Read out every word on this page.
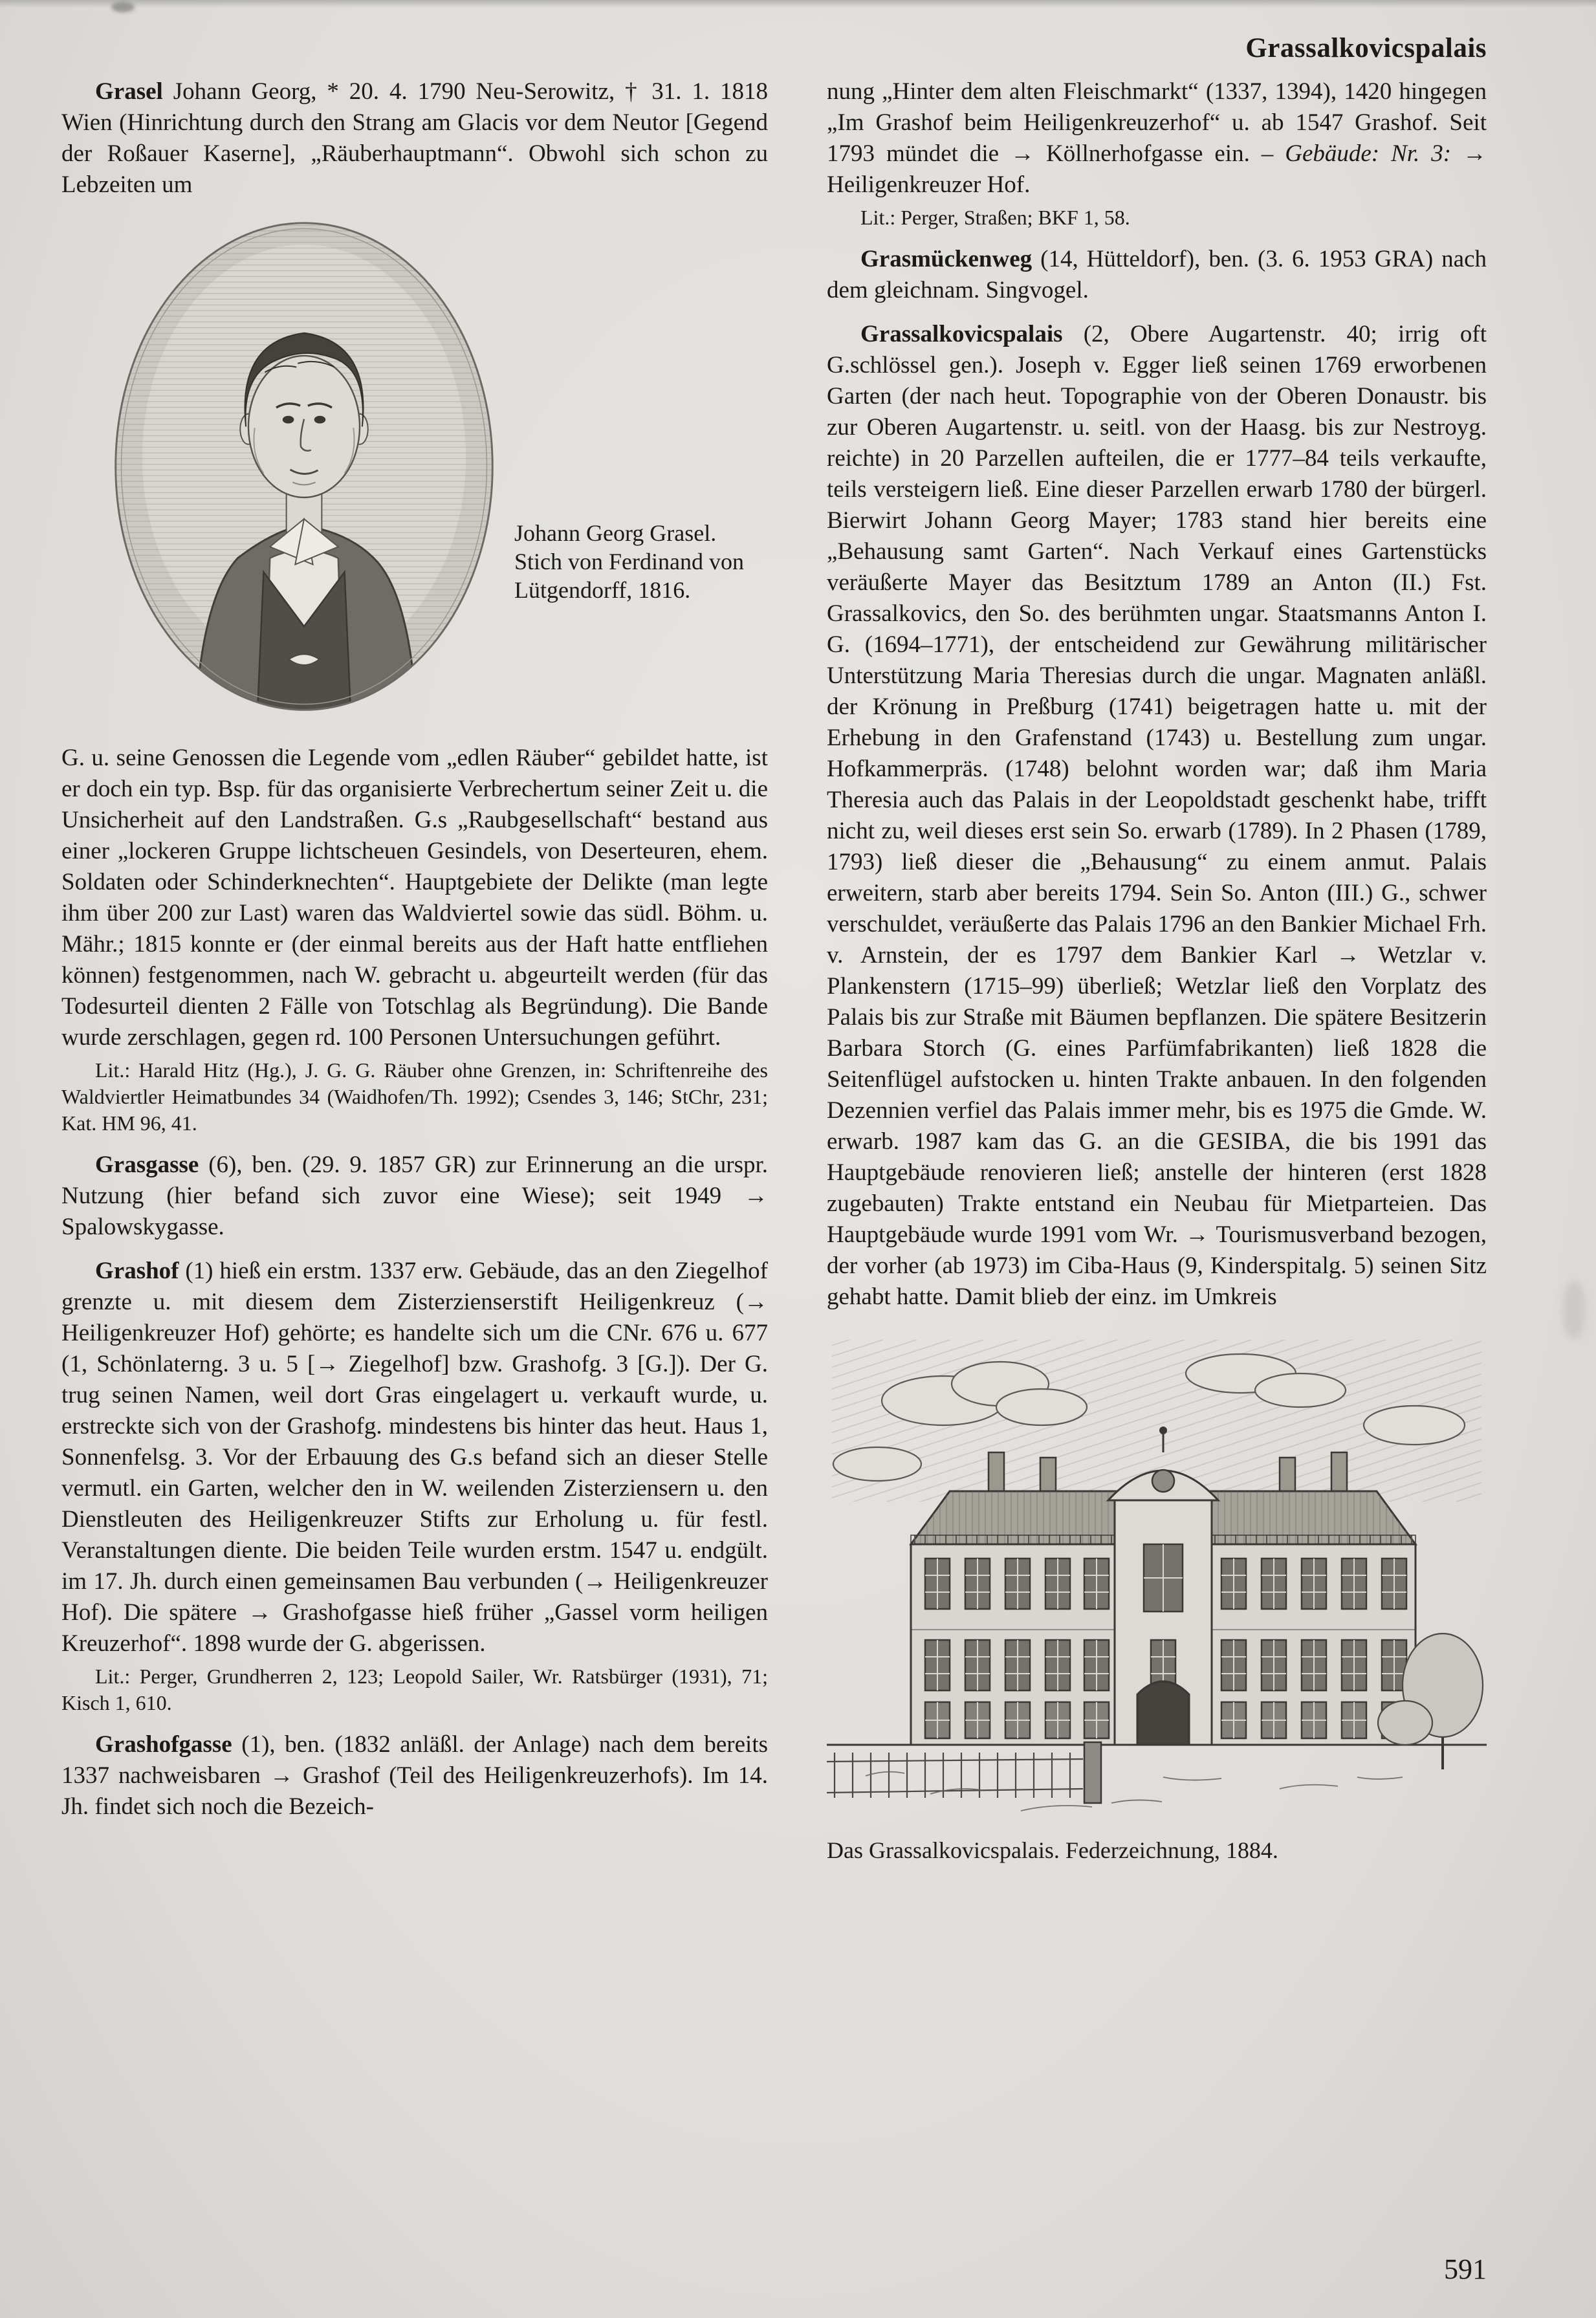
Grassalkovicspalais

Grasel Johann Georg, * 20. 4. 1790 Neu-Serowitz, † 31. 1. 1818 Wien (Hinrichtung durch den Strang am Glacis vor dem Neutor [Gegend der Roßauer Kaserne], „Räuberhauptmann“. Obwohl sich schon zu Lebzeiten um

Johann Georg Grasel. Stich von Ferdinand von Lütgendorff, 1816.

G. u. seine Genossen die Legende vom „edlen Räuber“ gebildet hatte, ist er doch ein typ. Bsp. für das organisierte Verbrechertum seiner Zeit u. die Unsicherheit auf den Landstraßen. G.s „Raubgesellschaft“ bestand aus einer „lockeren Gruppe lichtscheuen Gesindels, von Deserteuren, ehem. Soldaten oder Schinderknechten“. Hauptgebiete der Delikte (man legte ihm über 200 zur Last) waren das Waldviertel sowie das südl. Böhm. u. Mähr.; 1815 konnte er (der einmal bereits aus der Haft hatte entfliehen können) festgenommen, nach W. gebracht u. abgeurteilt werden (für das Todesurteil dienten 2 Fälle von Totschlag als Begründung). Die Bande wurde zerschlagen, gegen rd. 100 Personen Untersuchungen geführt.

Lit.: Harald Hitz (Hg.), J. G. G. Räuber ohne Grenzen, in: Schriftenreihe des Waldviertler Heimatbundes 34 (Waidhofen/Th. 1992); Csendes 3, 146; StChr, 231; Kat. HM 96, 41.

Grasgasse (6), ben. (29. 9. 1857 GR) zur Erinnerung an die urspr. Nutzung (hier befand sich zuvor eine Wiese); seit 1949 → Spalowskygasse.

Grashof (1) hieß ein erstm. 1337 erw. Gebäude, das an den Ziegelhof grenzte u. mit diesem dem Zisterzienserstift Heiligenkreuz (→ Heiligenkreuzer Hof) gehörte; es handelte sich um die CNr. 676 u. 677 (1, Schönlaterng. 3 u. 5 [→ Ziegelhof] bzw. Grashofg. 3 [G.]). Der G. trug seinen Namen, weil dort Gras eingelagert u. verkauft wurde, u. erstreckte sich von der Grashofg. mindestens bis hinter das heut. Haus 1, Sonnenfelsg. 3. Vor der Erbauung des G.s befand sich an dieser Stelle vermutl. ein Garten, welcher den in W. weilenden Zisterziensern u. den Dienstleuten des Heiligenkreuzer Stifts zur Erholung u. für festl. Veranstaltungen diente. Die beiden Teile wurden erstm. 1547 u. endgült. im 17. Jh. durch einen gemeinsamen Bau verbunden (→ Heiligenkreuzer Hof). Die spätere → Grashofgasse hieß früher „Gassel vorm heiligen Kreuzerhof“. 1898 wurde der G. abgerissen.

Lit.: Perger, Grundherren 2, 123; Leopold Sailer, Wr. Ratsbürger (1931), 71; Kisch 1, 610.

Grashofgasse (1), ben. (1832 anläßl. der Anlage) nach dem bereits 1337 nachweisbaren → Grashof (Teil des Heiligenkreuzerhofs). Im 14. Jh. findet sich noch die Bezeich-

nung „Hinter dem alten Fleischmarkt“ (1337, 1394), 1420 hingegen „Im Grashof beim Heiligenkreuzerhof“ u. ab 1547 Grashof. Seit 1793 mündet die → Köllnerhofgasse ein. – Gebäude: Nr. 3: → Heiligenkreuzer Hof.

Lit.: Perger, Straßen; BKF 1, 58.

Grasmückenweg (14, Hütteldorf), ben. (3. 6. 1953 GRA) nach dem gleichnam. Singvogel.

Grassalkovicspalais (2, Obere Augartenstr. 40; irrig oft G.schlössel gen.). Joseph v. Egger ließ seinen 1769 erworbenen Garten (der nach heut. Topographie von der Oberen Donaustr. bis zur Oberen Augartenstr. u. seitl. von der Haasg. bis zur Nestroyg. reichte) in 20 Parzellen aufteilen, die er 1777–84 teils verkaufte, teils versteigern ließ. Eine dieser Parzellen erwarb 1780 der bürgerl. Bierwirt Johann Georg Mayer; 1783 stand hier bereits eine „Behausung samt Garten“. Nach Verkauf eines Gartenstücks veräußerte Mayer das Besitztum 1789 an Anton (II.) Fst. Grassalkovics, den So. des berühmten ungar. Staatsmanns Anton I. G. (1694–1771), der entscheidend zur Gewährung militärischer Unterstützung Maria Theresias durch die ungar. Magnaten anläßl. der Krönung in Preßburg (1741) beigetragen hatte u. mit der Erhebung in den Grafenstand (1743) u. Bestellung zum ungar. Hofkammerpräs. (1748) belohnt worden war; daß ihm Maria Theresia auch das Palais in der Leopoldstadt geschenkt habe, trifft nicht zu, weil dieses erst sein So. erwarb (1789). In 2 Phasen (1789, 1793) ließ dieser die „Behausung“ zu einem anmut. Palais erweitern, starb aber bereits 1794. Sein So. Anton (III.) G., schwer verschuldet, veräußerte das Palais 1796 an den Bankier Michael Frh. v. Arnstein, der es 1797 dem Bankier Karl → Wetzlar v. Plankenstern (1715–99) überließ; Wetzlar ließ den Vorplatz des Palais bis zur Straße mit Bäumen bepflanzen. Die spätere Besitzerin Barbara Storch (G. eines Parfümfabrikanten) ließ 1828 die Seitenflügel aufstocken u. hinten Trakte anbauen. In den folgenden Dezennien verfiel das Palais immer mehr, bis es 1975 die Gmde. W. erwarb. 1987 kam das G. an die GESIBA, die bis 1991 das Hauptgebäude renovieren ließ; anstelle der hinteren (erst 1828 zugebauten) Trakte entstand ein Neubau für Mietparteien. Das Hauptgebäude wurde 1991 vom Wr. → Tourismusverband bezogen, der vorher (ab 1973) im Ciba-Haus (9, Kinderspitalg. 5) seinen Sitz gehabt hatte. Damit blieb der einz. im Umkreis

Das Grassalkovicspalais. Federzeichnung, 1884.
591
